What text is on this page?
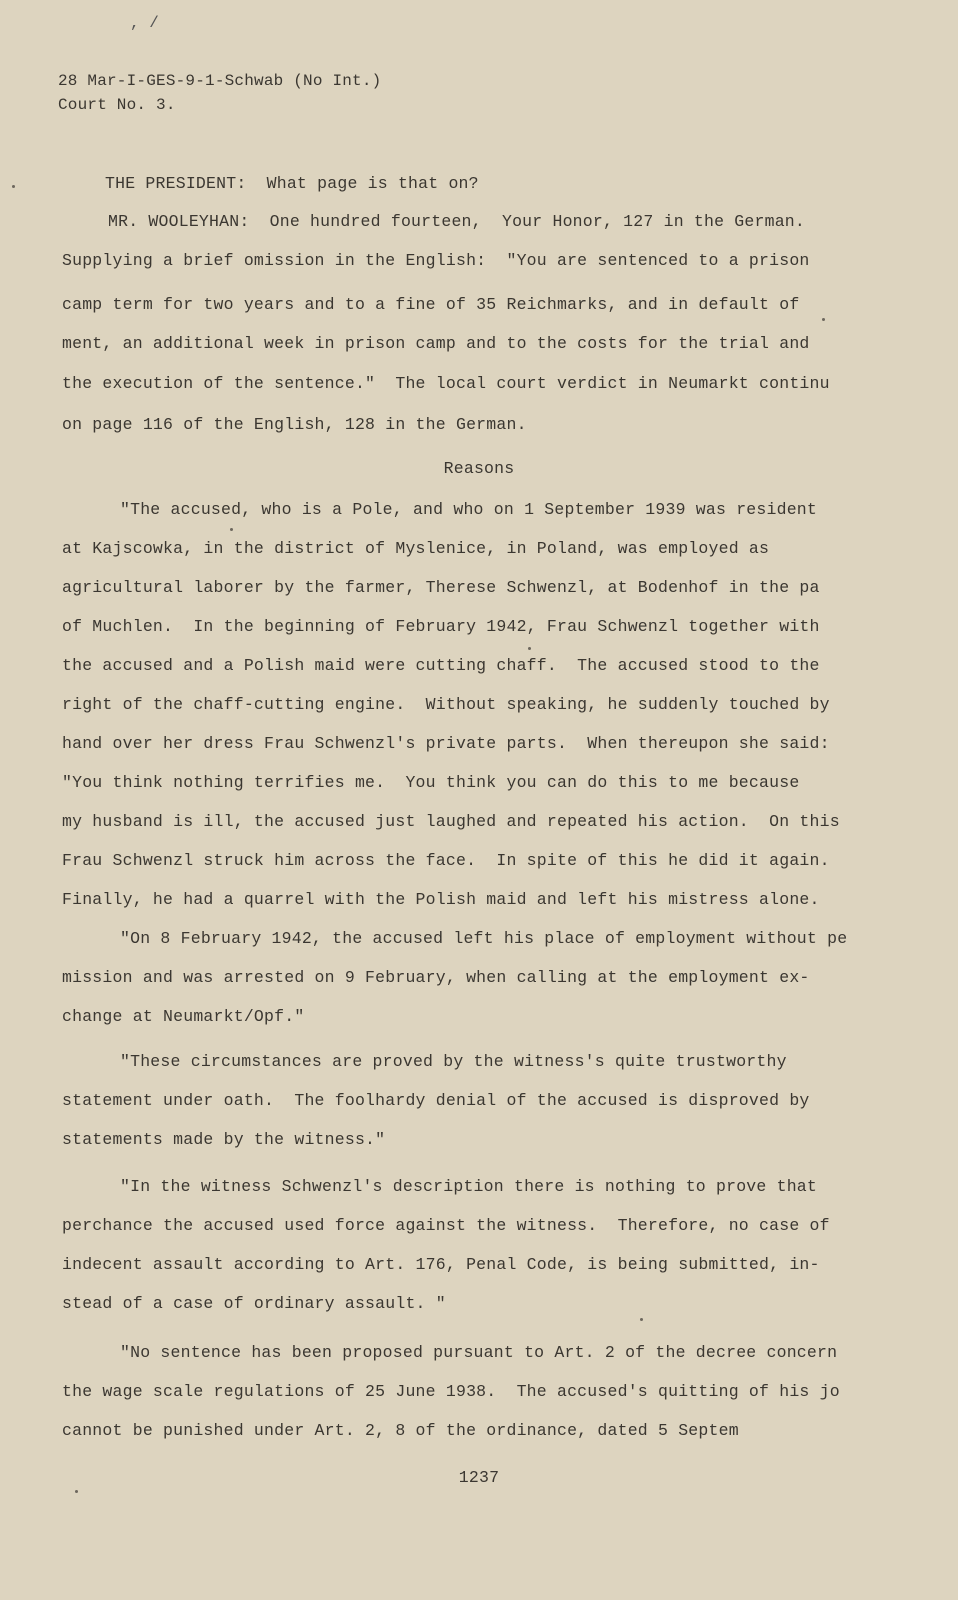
, /
28 Mar-I-GES-9-1-Schwab (No Int.)
Court No. 3.
THE PRESIDENT:  What page is that on?
MR. WOOLEYHAN:  One hundred fourteen,  Your Honor, 127 in the German.
Supplying a brief omission in the English:  "You are sentenced to a prison
camp term for two years and to a fine of 35 Reichmarks, and in default of
ment, an additional week in prison camp and to the costs for the trial and
the execution of the sentence."  The local court verdict in Neumarkt continu
on page 116 of the English, 128 in the German.
Reasons
"The accused, who is a Pole, and who on 1 September 1939 was resident
at Kajscowka, in the district of Myslenice, in Poland, was employed as
agricultural laborer by the farmer, Therese Schwenzl, at Bodenhof in the pa
of Muchlen.  In the beginning of February 1942, Frau Schwenzl together with
the accused and a Polish maid were cutting chaff.  The accused stood to the
right of the chaff-cutting engine.  Without speaking, he suddenly touched by
hand over her dress Frau Schwenzl's private parts.  When thereupon she said:
"You think nothing terrifies me.  You think you can do this to me because
my husband is ill, the accused just laughed and repeated his action.  On this
Frau Schwenzl struck him across the face.  In spite of this he did it again.
Finally, he had a quarrel with the Polish maid and left his mistress alone.
"On 8 February 1942, the accused left his place of employment without pe
mission and was arrested on 9 February, when calling at the employment ex-
change at Neumarkt/Opf."
"These circumstances are proved by the witness's quite trustworthy
statement under oath.  The foolhardy denial of the accused is disproved by
statements made by the witness."
"In the witness Schwenzl's description there is nothing to prove that
perchance the accused used force against the witness.  Therefore, no case of
indecent assault according to Art. 176, Penal Code, is being submitted, in-
stead of a case of ordinary assault. "
"No sentence has been proposed pursuant to Art. 2 of the decree concern
the wage scale regulations of 25 June 1938.  The accused's quitting of his jo
cannot be punished under Art. 2, 8 of the ordinance, dated 5 Septem
1237
